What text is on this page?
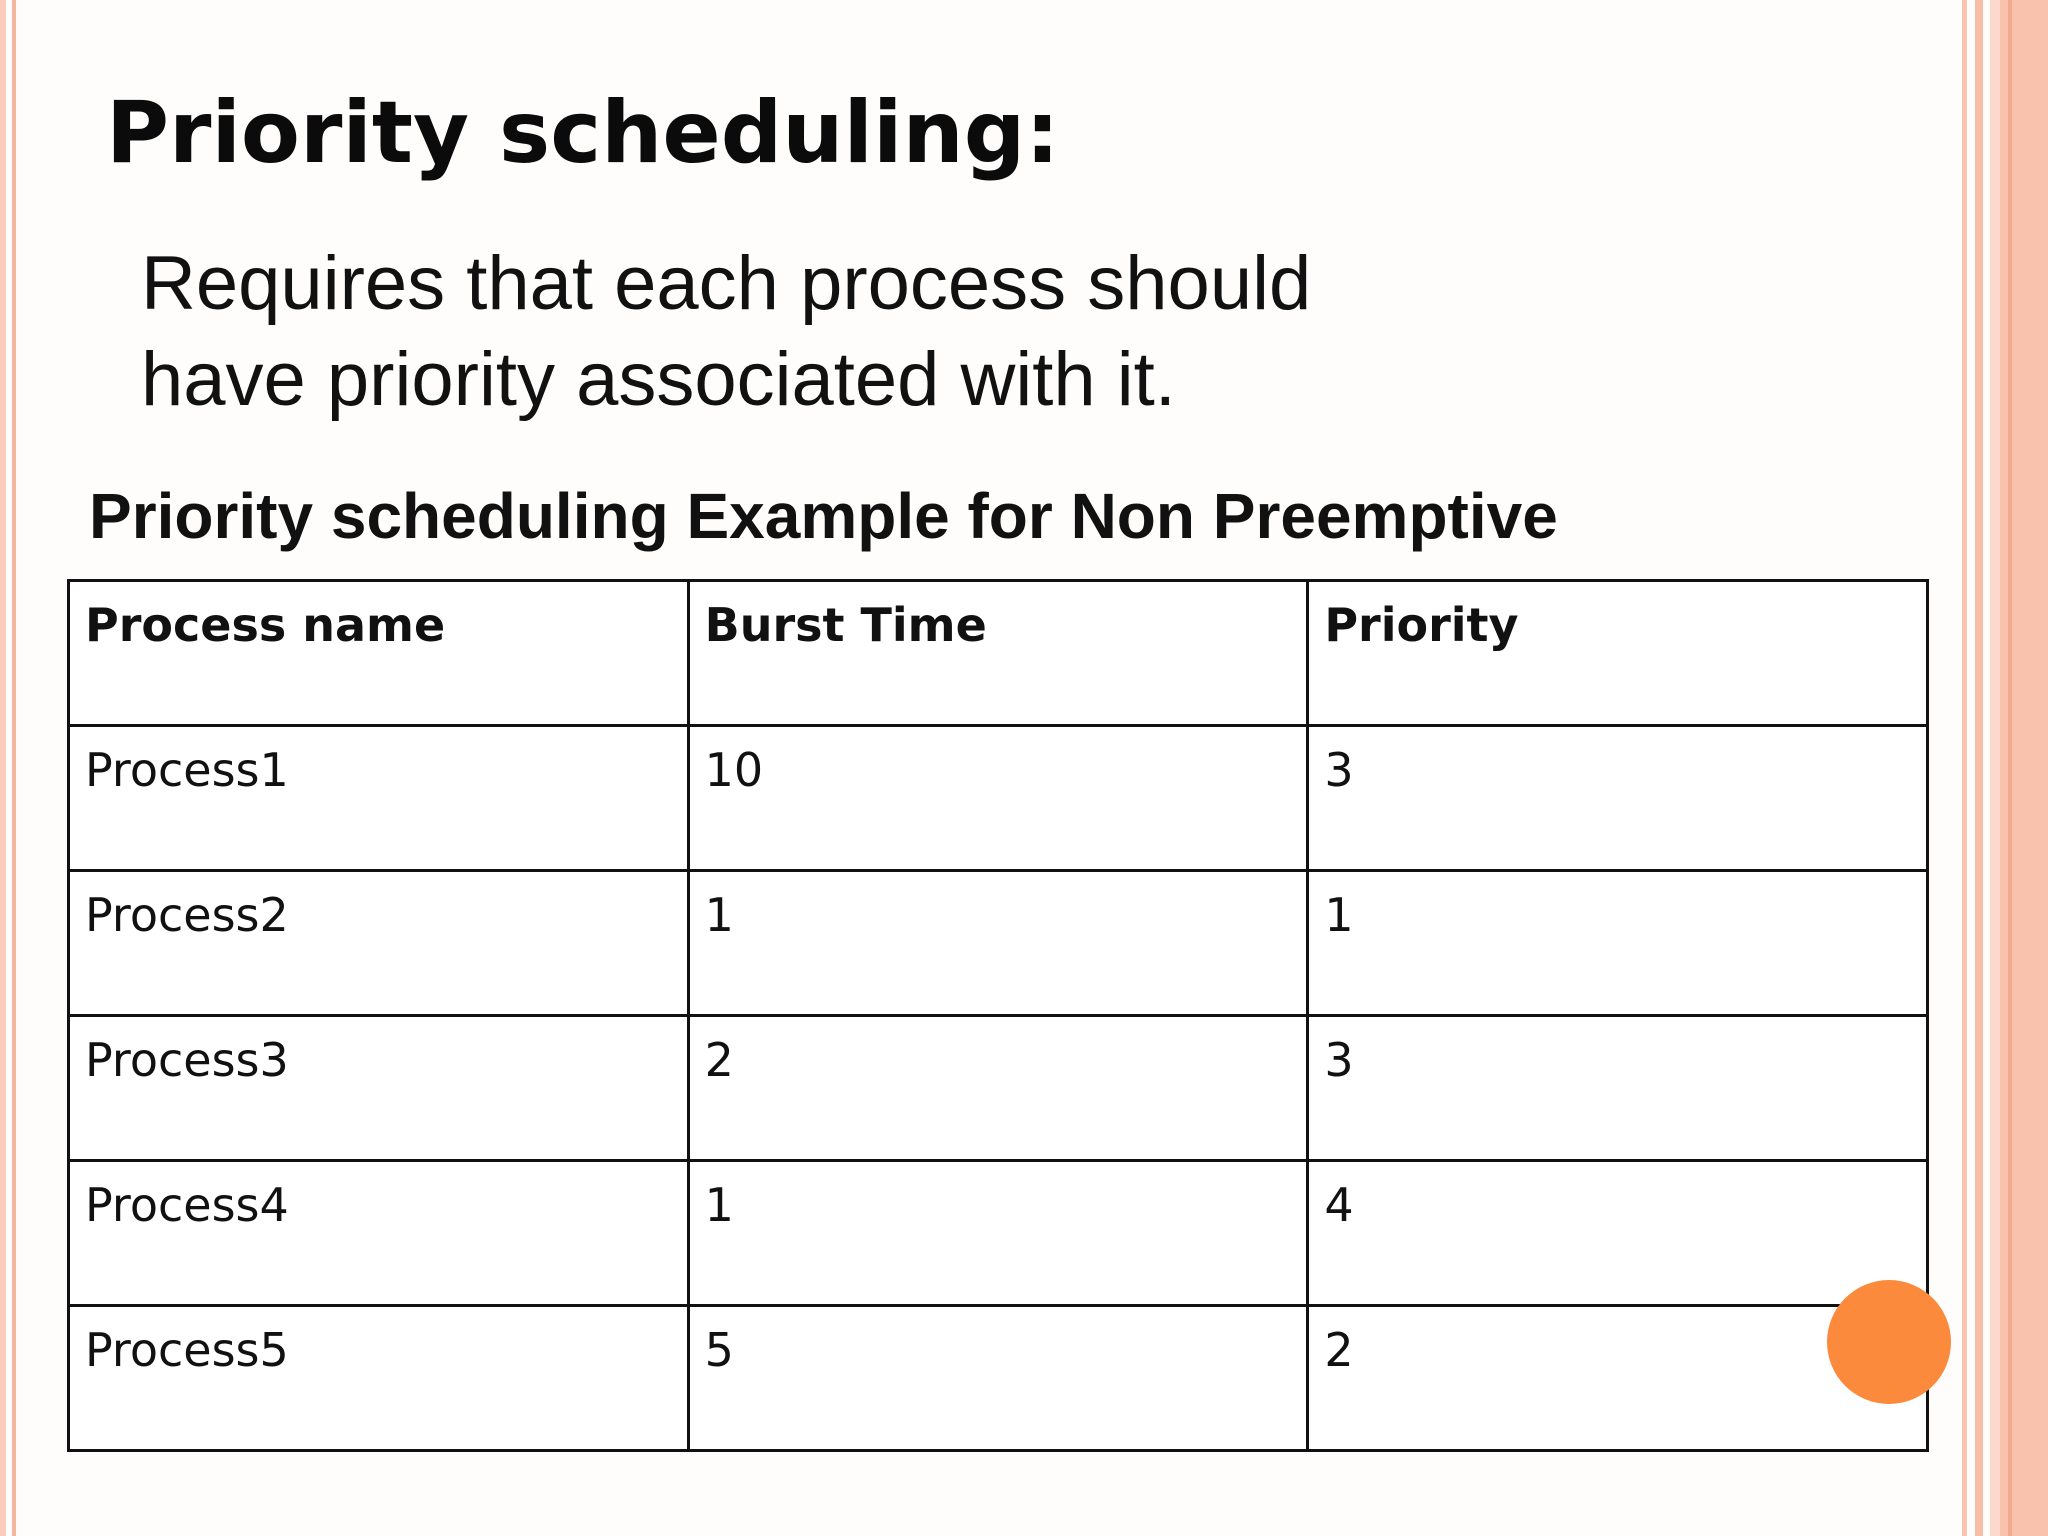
Priority scheduling:

Requires that each process should have priority associated with it.

Priority scheduling Example for Non Preemptive
Process name	Burst Time	Priority
Process1	10	3
Process2	1	1
Process3	2	3
Process4	1	4
Process5	5	2
